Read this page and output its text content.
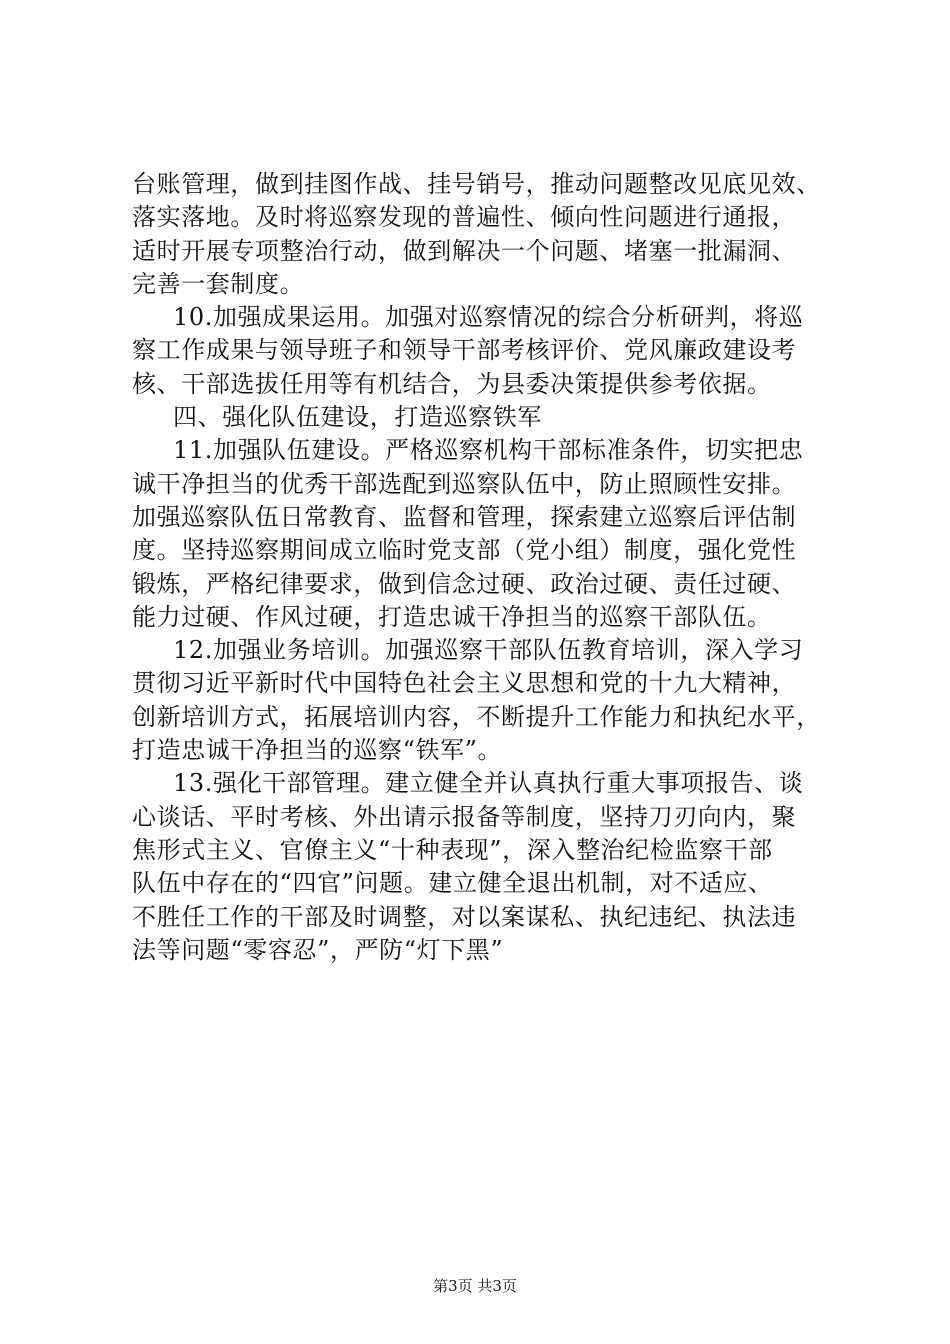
台账管理，做到挂图作战、挂号销号，推动问题整改见底见效、
落实落地。及时将巡察发现的普遍性、倾向性问题进行通报，
适时开展专项整治行动，做到解决一个问题、堵塞一批漏洞、
完善一套制度。
10.加强成果运用。加强对巡察情况的综合分析研判，将巡
察工作成果与领导班子和领导干部考核评价、党风廉政建设考
核、干部选拔任用等有机结合，为县委决策提供参考依据。
四、强化队伍建设，打造巡察铁军
11.加强队伍建设。严格巡察机构干部标准条件，切实把忠
诚干净担当的优秀干部选配到巡察队伍中，防止照顾性安排。
加强巡察队伍日常教育、监督和管理，探索建立巡察后评估制
度。坚持巡察期间成立临时党支部（党小组）制度，强化党性
锻炼，严格纪律要求，做到信念过硬、政治过硬、责任过硬、
能力过硬、作风过硬，打造忠诚干净担当的巡察干部队伍。
12.加强业务培训。加强巡察干部队伍教育培训，深入学习
贯彻习近平新时代中国特色社会主义思想和党的十九大精神，
创新培训方式，拓展培训内容，不断提升工作能力和执纪水平，
打造忠诚干净担当的巡察“铁军”。
13.强化干部管理。建立健全并认真执行重大事项报告、谈
心谈话、平时考核、外出请示报备等制度，坚持刀刃向内，聚
焦形式主义、官僚主义“十种表现”，深入整治纪检监察干部
队伍中存在的“四官”问题。建立健全退出机制，对不适应、
不胜任工作的干部及时调整，对以案谋私、执纪违纪、执法违
法等问题“零容忍”，严防“灯下黑”
第3页 共3页
